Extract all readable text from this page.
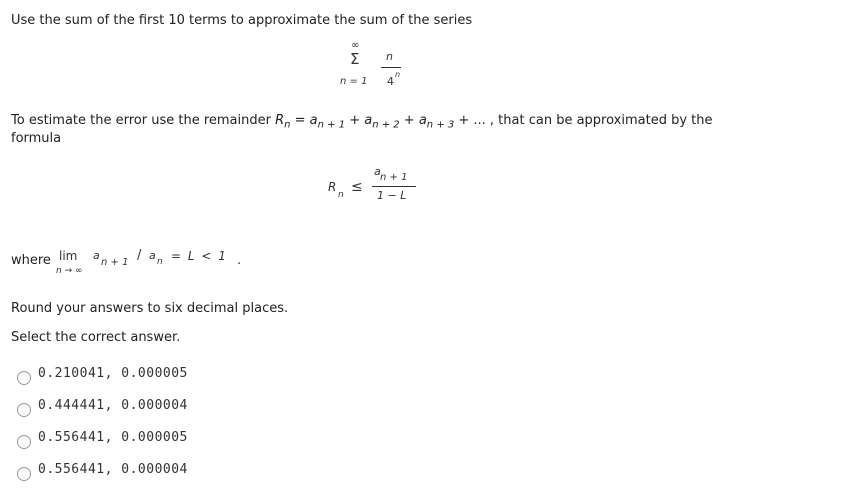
Use the sum of the first 10 terms to approximate the sum of the series
∞
Σ
n = 1
n
4
n
To estimate the error use the remainder $R_n = a_{n + 1} + a_{n + 2} + a_{n + 3}$ + ... , that can be approximated by the
formula
R
n ≤
a n + 1
1 − L
where lim
n → ∞
a
n + 1 / a n = L < 1 .
Round your answers to six decimal places.
Select the correct answer.
0.210041, 0.000005
0.444441, 0.000004
0.556441, 0.000005
0.556441, 0.000004
